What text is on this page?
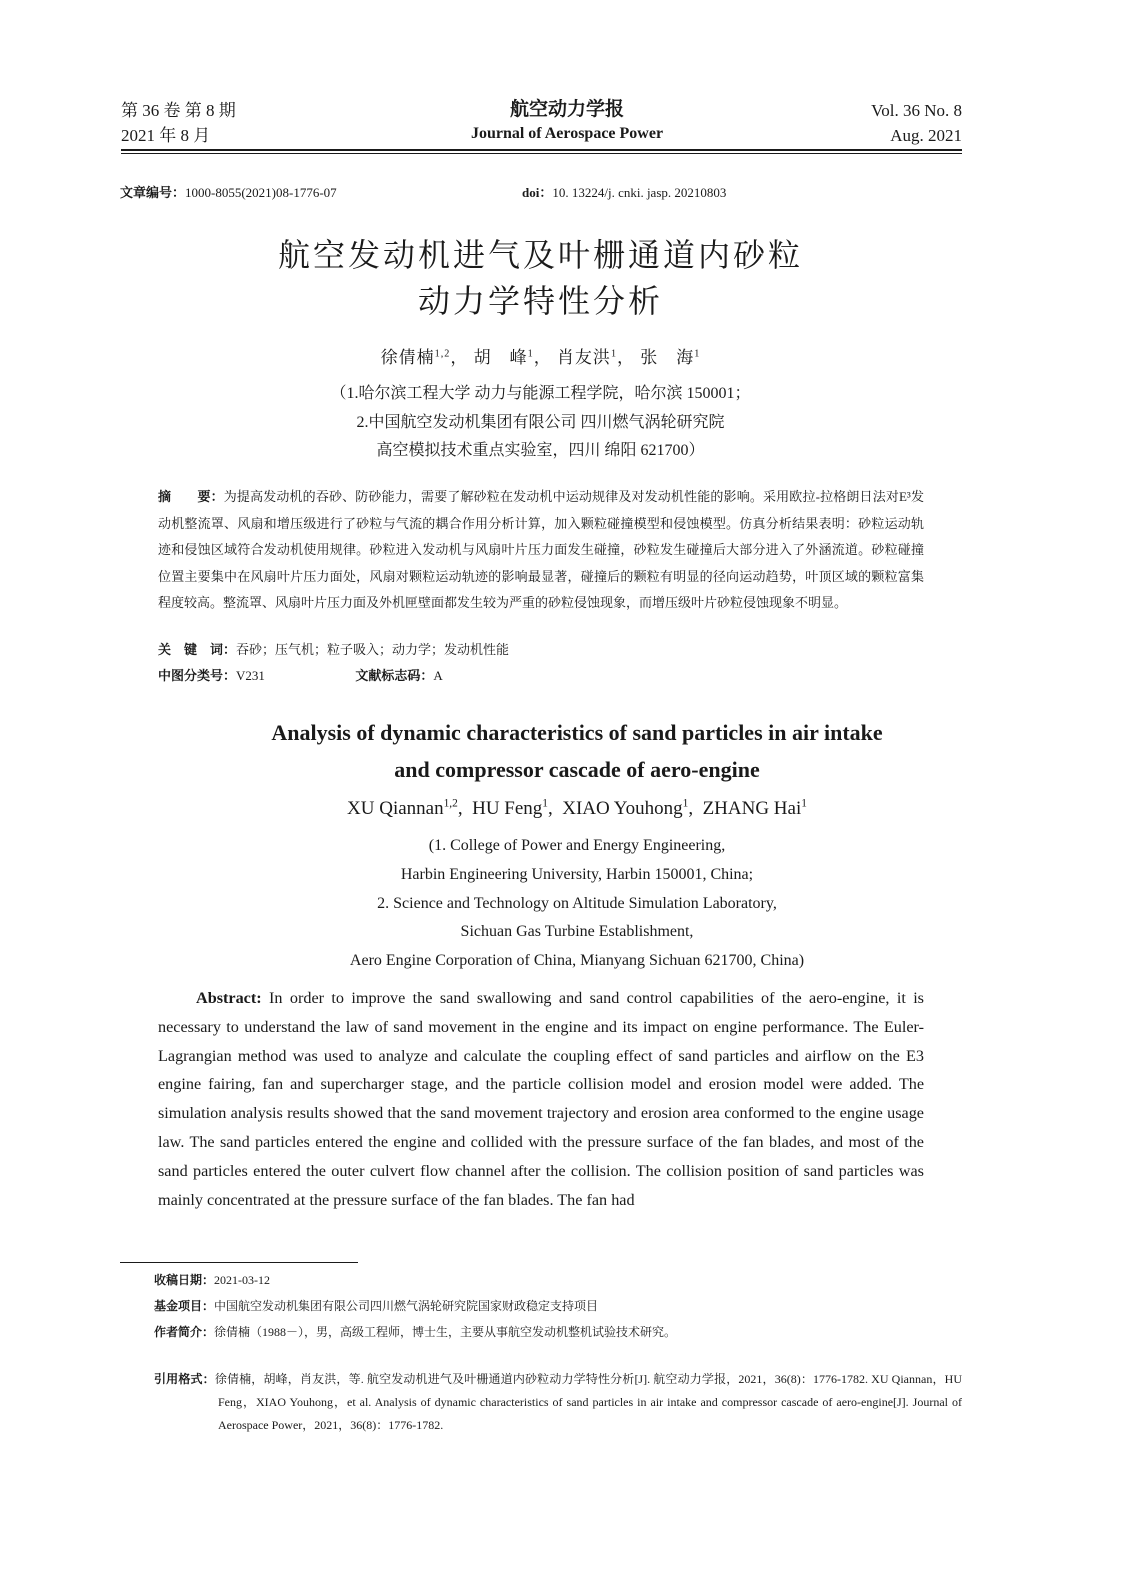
第 36 卷 第 8 期
2021 年 8 月
航空动力学报
Journal of Aerospace Power
Vol. 36 No. 8
Aug. 2021
文章编号：1000-8055(2021)08-1776-07	doi：10. 13224/j. cnki. jasp. 20210803
航空发动机进气及叶栅通道内砂粒
动力学特性分析
徐倩楠$^{1,2}$， 胡　峰$^1$， 肖友洪$^1$， 张　海$^1$
（1.哈尔滨工程大学 动力与能源工程学院，哈尔滨 150001；
2.中国航空发动机集团有限公司 四川燃气涡轮研究院
高空模拟技术重点实验室，四川 绵阳 621700）
摘　　要：为提高发动机的吞砂、防砂能力，需要了解砂粒在发动机中运动规律及对发动机性能的影响。采用欧拉-拉格朗日法对E³发动机整流罩、风扇和增压级进行了砂粒与气流的耦合作用分析计算，加入颗粒碰撞模型和侵蚀模型。仿真分析结果表明：砂粒运动轨迹和侵蚀区域符合发动机使用规律。砂粒进入发动机与风扇叶片压力面发生碰撞，砂粒发生碰撞后大部分进入了外涵流道。砂粒碰撞位置主要集中在风扇叶片压力面处，风扇对颗粒运动轨迹的影响最显著，碰撞后的颗粒有明显的径向运动趋势，叶顶区域的颗粒富集程度较高。整流罩、风扇叶片压力面及外机匣壁面都发生较为严重的砂粒侵蚀现象，而增压级叶片砂粒侵蚀现象不明显。
关　键　词：吞砂；压气机；粒子吸入；动力学；发动机性能
中图分类号：V231	文献标志码：A
Analysis of dynamic characteristics of sand particles in air intake
and compressor cascade of aero-engine
XU Qiannan$^{1,2}$,  HU Feng$^1$,  XIAO Youhong$^1$,  ZHANG Hai$^1$
(1. College of Power and Energy Engineering,
Harbin Engineering University, Harbin 150001, China;
2. Science and Technology on Altitude Simulation Laboratory,
Sichuan Gas Turbine Establishment,
Aero Engine Corporation of China, Mianyang Sichuan 621700, China)
Abstract: In order to improve the sand swallowing and sand control capabilities of the aero-engine, it is necessary to understand the law of sand movement in the engine and its impact on engine performance. The Euler-Lagrangian method was used to analyze and calculate the coupling effect of sand particles and airflow on the E3 engine fairing, fan and supercharger stage, and the particle collision model and erosion model were added. The simulation analysis results showed that the sand movement trajectory and erosion area conformed to the engine usage law. The sand particles entered the engine and collided with the pressure surface of the fan blades, and most of the sand particles entered the outer culvert flow channel after the collision. The collision position of sand particles was mainly concentrated at the pressure surface of the fan blades. The fan had
收稿日期：2021-03-12
基金项目：中国航空发动机集团有限公司四川燃气涡轮研究院国家财政稳定支持项目
作者简介：徐倩楠（1988－），男，高级工程师，博士生，主要从事航空发动机整机试验技术研究。
引用格式：徐倩楠，胡峰，肖友洪，等. 航空发动机进气及叶栅通道内砂粒动力学特性分析[J]. 航空动力学报，2021，36(8)：1776-1782. XU Qiannan，HU Feng，XIAO Youhong，et al. Analysis of dynamic characteristics of sand particles in air intake and compressor cascade of aero-engine[J]. Journal of Aerospace Power，2021，36(8)：1776-1782.
